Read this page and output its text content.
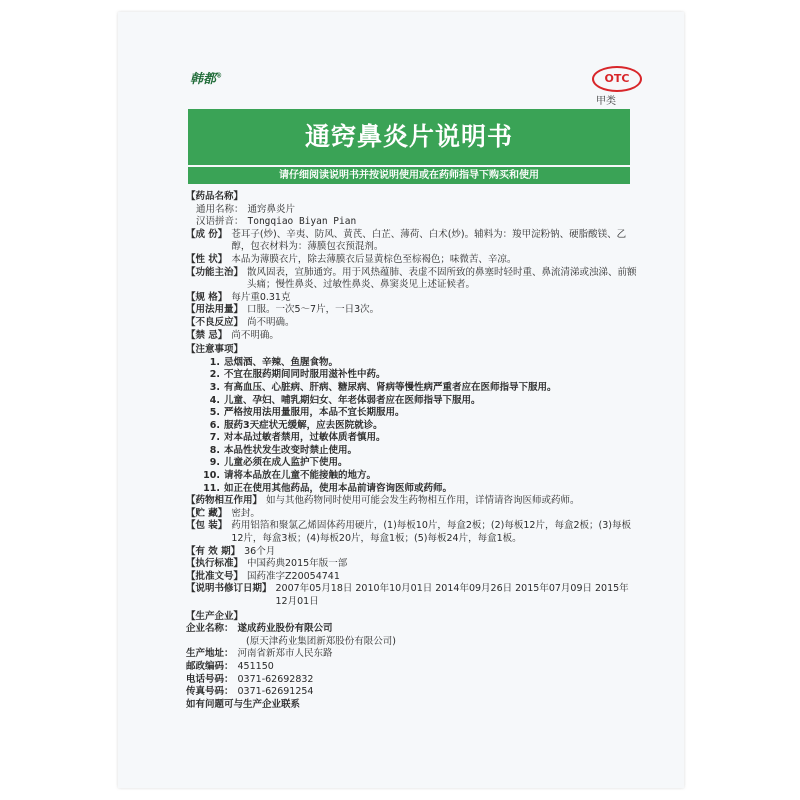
韩都®	OTC
甲类
通窍鼻炎片说明书
请仔细阅读说明书并按说明使用或在药师指导下购买和使用
【药品名称】
通用名称： 通窍鼻炎片
汉语拼音： Tongqiao Biyan Pian
【成 份】 苍耳子(炒)、辛夷、防风、黄芪、白芷、薄荷、白术(炒)。辅料为：羧甲淀粉钠、硬脂酸镁、乙醇，包衣材料为：薄膜包衣预混剂。
【性 状】 本品为薄膜衣片，除去薄膜衣后显黄棕色至棕褐色；味微苦、辛凉。
【功能主治】 散风固表，宣肺通窍。用于风热蕴肺、表虚不固所致的鼻塞时轻时重、鼻流清涕或浊涕、前额头痛；慢性鼻炎、过敏性鼻炎、鼻窦炎见上述证候者。
【规 格】 每片重0.31克
【用法用量】 口服。一次5～7片，一日3次。
【不良反应】 尚不明确。
【禁 忌】 尚不明确。
【注意事项】
1. 忌烟酒、辛辣、鱼腥食物。
2. 不宜在服药期间同时服用滋补性中药。
3. 有高血压、心脏病、肝病、糖尿病、肾病等慢性病严重者应在医师指导下服用。
4. 儿童、孕妇、哺乳期妇女、年老体弱者应在医师指导下服用。
5. 严格按用法用量服用，本品不宜长期服用。
6. 服药3天症状无缓解，应去医院就诊。
7. 对本品过敏者禁用，过敏体质者慎用。
8. 本品性状发生改变时禁止使用。
9. 儿童必须在成人监护下使用。
10. 请将本品放在儿童不能接触的地方。
11. 如正在使用其他药品，使用本品前请咨询医师或药师。
【药物相互作用】 如与其他药物同时使用可能会发生药物相互作用，详情请咨询医师或药师。
【贮 藏】 密封。
【包 装】 药用铝箔和聚氯乙烯固体药用硬片，(1)每板10片，每盒2板；(2)每板12片，每盒2板；(3)每板12片，每盒3板；(4)每板20片，每盒1板；(5)每板24片，每盒1板。
【有 效 期】 36个月
【执行标准】 中国药典2015年版一部
【批准文号】 国药准字Z20054741
【说明书修订日期】 2007年05月18日 2010年10月01日 2014年09月26日 2015年07月09日 2015年12月01日
【生产企业】
企业名称： 遂成药业股份有限公司
(原天津药业集团新郑股份有限公司)
生产地址： 河南省新郑市人民东路
邮政编码： 451150
电话号码： 0371-62692832
传真号码： 0371-62691254
如有问题可与生产企业联系
